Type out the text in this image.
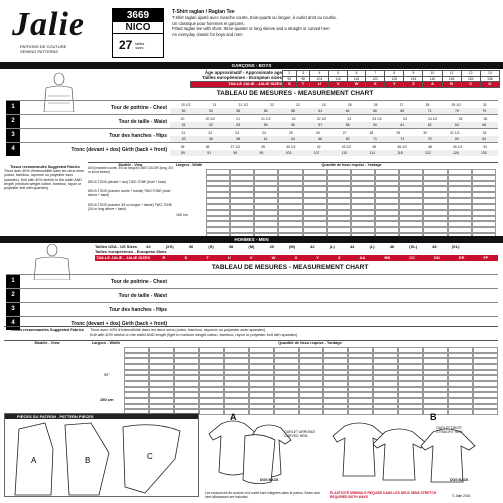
Jalie
PATRONS DE COUTURE
SEWING PATTERNS
3669
NICO
27 tailles sizes
T-Shirt raglan / Raglan Tee
T-shirt raglan ajusté avec manche courte, trois-quarts ou longue, à ourlet droit ou courbe.
Un classique pour hommes et garçons.
Fitted raglan tee with short, three-quarter or long sleeve and a straight or curved hem
An everyday classic for boys and men
GARÇONS - BOYS
Âge approximatif - Approximate age	2	3	4	5	6	7	8	9	10	11	12	13
Tailles européennes - European sizes	92	98	104	110	116	122	128	134	140	146	152	158
TAILLE JALIE - JALIE SIZES	S	T	U	V	W	X	Y	Z	A	B	C	D
TABLEAU DE MESURES - MEASUREMENT CHART
1	Tour de poitrine - Chest	20 1/2	21	21 1/2	22	23	24	25	26	27	28	29 1/2	31
52	53	55	56	58	61	64	66	69	71	75	79
2	Tour de taille - Waist	20	20 1/2	21	21 1/2	22	22 1/2	23	23 1/2	24	24 1/2	25	26
51	52	53	55	56	57	58	60	61	62	64	66
3	Tour des hanches - Hips	21	22	23	24	25	26	27	28	29	30	31 1/2	33
53	56	58	61	64	66	69	71	74	76	80	84
4	Tronc (devant + dos) Girth (back + front)	35	36	37 1/2	39	40 1/2	42	43 1/2	45	46 1/2	48	49 1/2	51
89	91	95	99	103	107	110	114	118	122	126	130
Tissus recommandés Suggested Fabrics
Tricot avec 40% d'extensibilité dans les deux sens (coton, bambou, rayonne ou polyester avec spandex). Knit with 40% stretch in the width AND length (medium weight cotton, bamboo, rayon or polyester knit with spandex)
Modèle - View	Largeur - Width	Quantité de tissu requise - Yardage
UNI (manche courte, 3/4 ou longue) ONE COLOR (long, 3/4 or short sleeve)
DEUX-TONS (devant + dos) TWO-TONE (front + back)
DEUX-TONS (manche courte + bande) TWO-TONE (short sleeve + band)
DEUX-TONS (manche 3/4 ou longue + bande) TWO-TONE (3/4 or long sleeve + band)
150 cm
HOMMES - MEN
Tailles USA - US Sizes 34 (XS) 36 (S) 38 (M) 40 (M) 42 (L) 44 (L) 46 (XL) 48 (XL)
Tailles européennes - European Sizes
TAILLE JALIE - JALIE SIZES	R	S	T	U	V	W	X	Y	Z	AA	BB	CC	DD	EE	FF
TABLEAU DE MESURES - MEASUREMENT CHART
1	Tour de poitrine - Chest
2	Tour de taille - Waist
3	Tour des hanches - Hips
4	Tronc (devant + dos) Girth (back + front)
Tissus recommandés Suggested Fabrics	Tricot avec 40% d'extensibilité dans les deux sens (coton, bambou, rayonne ou polyester avec spandex)
Knit with 40% stretch in the width AND length (light to medium weight cotton, bamboo, rayon or polyester knit with spandex)
Modèle - View	Largeur - Width	Quantité de tissu requise - Yardage
59"
150 cm
PIÈCES DU PATRON - PATTERN PIECES
A	B	C
A
OURLET ARRONDI CURVED HEM
B
OURLET DROIT STRAIGHT HEM
DOS BACK	DOS BACK
Les ressources de couture et d'ourlet sont intégrées dans le patron. Seam and hem allowances are included.
ÉLASTICITÉ MINIMALE REQUISE DANS LES DEUX SENS STRETCH REQUIRED BOTH WAYS	© Jalie 2016
